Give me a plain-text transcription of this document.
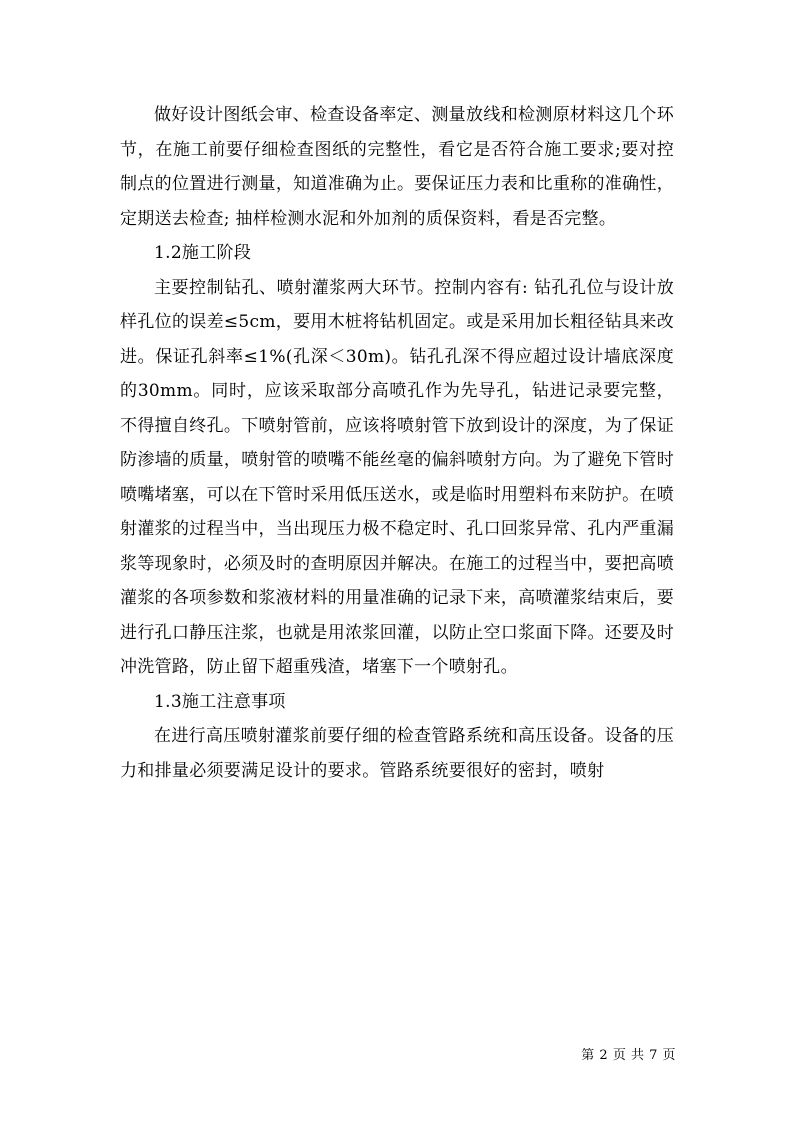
做好设计图纸会审、检查设备率定、测量放线和检测原材料这几个环节，在施工前要仔细检查图纸的完整性，看它是否符合施工要求;要对控制点的位置进行测量，知道准确为止。要保证压力表和比重称的准确性，定期送去检查; 抽样检测水泥和外加剂的质保资料，看是否完整。

1.2施工阶段

主要控制钻孔、喷射灌浆两大环节。控制内容有: 钻孔孔位与设计放样孔位的误差≤5cm，要用木桩将钻机固定。或是采用加长粗径钻具来改进。保证孔斜率≤1%(孔深＜30m)。钻孔孔深不得应超过设计墙底深度的30mm。同时，应该采取部分高喷孔作为先导孔，钻进记录要完整，不得擅自终孔。下喷射管前，应该将喷射管下放到设计的深度，为了保证防渗墙的质量，喷射管的喷嘴不能丝毫的偏斜喷射方向。为了避免下管时喷嘴堵塞，可以在下管时采用低压送水，或是临时用塑料布来防护。在喷射灌浆的过程当中，当出现压力极不稳定时、孔口回浆异常、孔内严重漏浆等现象时，必须及时的查明原因并解决。在施工的过程当中，要把高喷灌浆的各项参数和浆液材料的用量准确的记录下来，高喷灌浆结束后，要进行孔口静压注浆，也就是用浓浆回灌，以防止空口浆面下降。还要及时冲洗管路，防止留下超重残渣，堵塞下一个喷射孔。

1.3施工注意事项

在进行高压喷射灌浆前要仔细的检查管路系统和高压设备。设备的压力和排量必须要满足设计的要求。管路系统要很好的密封，喷射

第 2 页 共 7 页
